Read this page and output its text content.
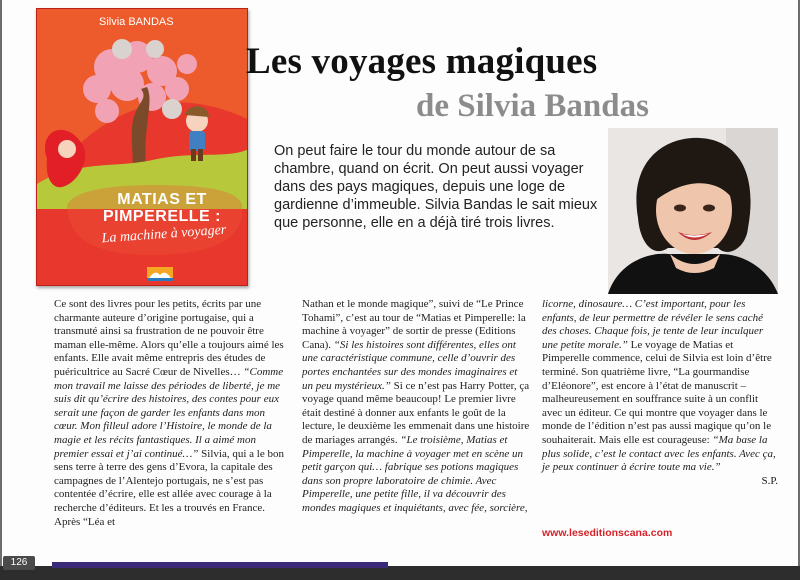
Silvia BANDAS
MATIAS ET
PIMPERELLE :
La machine à voyager
Les voyages magiques
de Silvia Bandas
On peut faire le tour du monde autour de sa chambre, quand on écrit. On peut aussi voyager dans des pays magiques, depuis une loge de gardienne d’immeuble. Silvia Bandas le sait mieux que personne, elle en a déjà tiré trois livres.

Ce sont des livres pour les petits, écrits par une charmante auteure d’origine portugaise, qui a transmuté ainsi sa frustration de ne pouvoir être maman elle-même. Alors qu’elle a toujours aimé les enfants. Elle avait même entrepris des études de puéricultrice au Sacré Cœur de Nivelles… “Comme mon travail me laisse des périodes de liberté, je me suis dit qu’écrire des histoires, des contes pour eux serait une façon de garder les enfants dans mon cœur. Mon filleul adore l’Histoire, le monde de la magie et les récits fantastiques. Il a aimé mon premier essai et j’ai continué…” Silvia, qui a le bon sens terre à terre des gens d’Evora, la capitale des campagnes de l’Alentejo portugais, ne s’est pas contentée d’écrire, elle est allée avec courage à la recherche d’éditeurs. Et les a trouvés en France. Après “Léa et

Nathan et le monde magique”, suivi de “Le Prince Tohami”, c’est au tour de “Matias et Pimperelle: la machine à voyager” de sortir de presse (Editions Cana). “Si les histoires sont différentes, elles ont une caractéristique commune, celle d’ouvrir des portes enchantées sur des mondes imaginaires et un peu mystérieux.” Si ce n’est pas Harry Potter, ça voyage quand même beaucoup! Le premier livre était destiné à donner aux enfants le goût de la lecture, le deuxième les emmenait dans une histoire de mariages arrangés. “Le troisième, Matias et Pimperelle, la machine à voyager met en scène un petit garçon qui… fabrique ses potions magiques dans son propre laboratoire de chimie. Avec Pimperelle, une petite fille, il va découvrir des mondes magiques et inquiétants, avec fée, sorcière,

licorne, dinosaure… C’est important, pour les enfants, de leur permettre de révéler le sens caché des choses. Chaque fois, je tente de leur inculquer une petite morale.” Le voyage de Matias et Pimperelle commence, celui de Silvia est loin d’être terminé. Son quatrième livre, “La gourmandise d’Eléonore”, est encore à l’état de manuscrit – malheureusement en souffrance suite à un conflit avec un éditeur. Ce qui montre que voyager dans le monde de l’édition n’est pas aussi magique qu’on le souhaiterait. Mais elle est courageuse: “Ma base la plus solide, c’est le contact avec les enfants. Avec ça, je peux continuer à écrire toute ma vie.”

S.P.
www.leseditionscana.com
126
